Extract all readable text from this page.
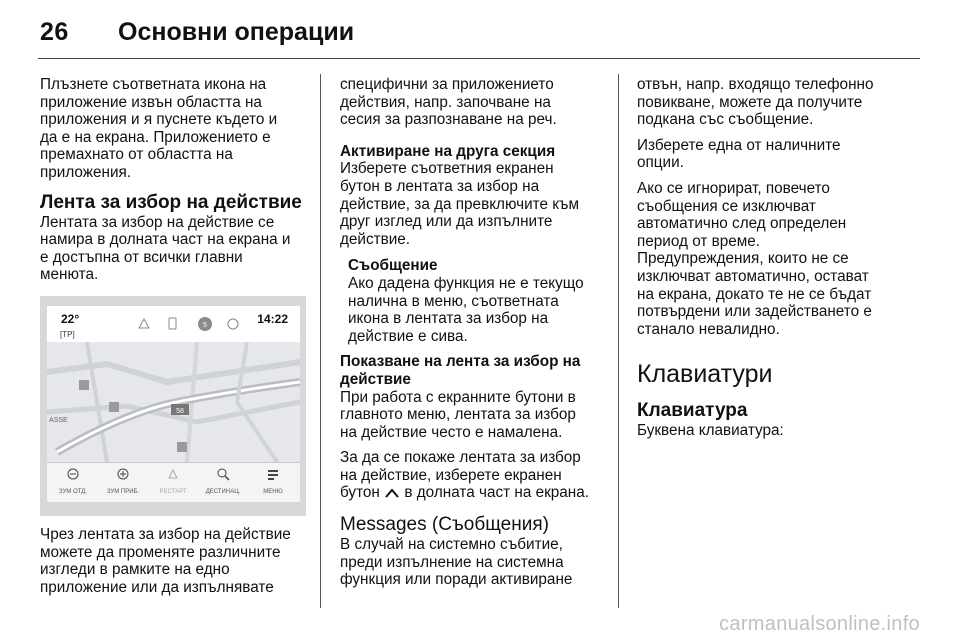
26 Основни операции

Плъзнете съответната икона на
приложение извън областта на
приложения и я пуснете където и
да е на екрана. Приложението е
премахнато от областта на
приложения.

Лента за избор на действие

Лентата за избор на действие се
намира в долната част на екрана и
е достъпна от всички главни
менюта.

22°
[TP]
5	14:22
58
ASSE
ЗУМ ОТД.	ЗУМ ПРИБ.	РЕСТАРТ	ДЕСТИНАЦ.	МЕНЮ

Чрез лентата за избор на действие
можете да променяте различните
изгледи в рамките на едно
приложение или да изпълнявате

специфични за приложението
действия, напр. започване на
сесия за разпознаване на реч.

Активиране на друга секция

Изберете съответния екранен
бутон в лентата за избор на
действие, за да превключите към
друг изглед или да изпълните
действие.

Съобщение
Ако дадена функция не е текущо
налична в меню, съответната
икона в лентата за избор на
действие е сива.
Показване на лента за избор на
действие

При работа с екранните бутони в
главното меню, лентата за избор
на действие често е намалена.

За да се покаже лентата за избор
на действие, изберете екранен
бутон в долната част на екрана.

Messages (Съобщения)

В случай на системно събитие,
преди изпълнение на системна
функция или поради активиране

отвън, напр. входящо телефонно
повикване, можете да получите
подкана със съобщение.

Изберете една от наличните
опции.

Ако се игнорират, повечето
съобщения се изключват
автоматично след определен
период от време.
Предупреждения, които не се
изключват автоматично, остават
на екрана, докато те не се бъдат
потвърдени или задействането е
станало невалидно.

Клавиатури
Клавиатура

Буквена клавиатура:

carmanualsonline.info
